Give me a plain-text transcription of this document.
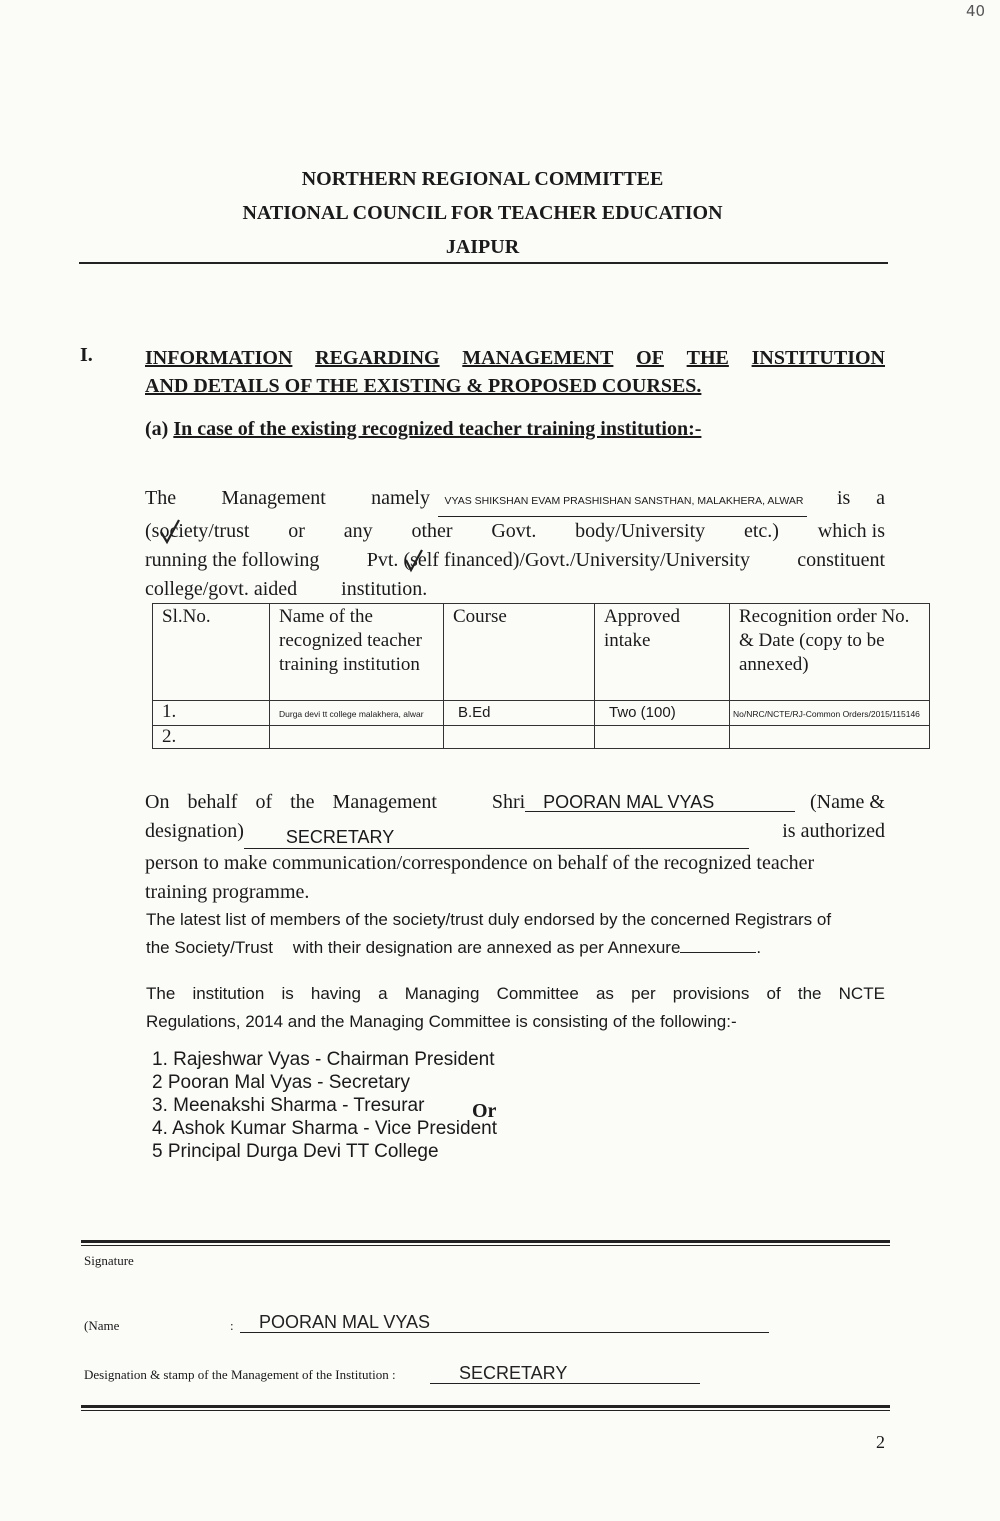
40
NORTHERN REGIONAL COMMITTEE
NATIONAL COUNCIL FOR TEACHER EDUCATION
JAIPUR
I.	INFORMATION REGARDING MANAGEMENT OF THE INSTITUTION
AND DETAILS OF THE EXISTING & PROPOSED COURSES.
(a) In case of the existing recognized teacher training institution:-
The Management namely	VYAS SHIKSHAN EVAM PRASHISHAN SANSTHAN, MALAKHERA, ALWAR is a
(society/trust or any other Govt. body/University etc.) which is
running the following Pvt. (self financed)/Govt./University/University constituent
college/govt. aided institution.
Sl.No.	Name of the recognized teacher training institution	Course	Approved intake	Recognition order No. & Date (copy to be annexed)
1.	Durga devi tt college malakhera, alwar	B.Ed	Two (100)	No/NRC/NCTE/RJ-Common Orders/2015/115146
2.				
On behalf of the Management	Shri POORAN MAL VYAS	(Name &
designation) SECRETARY	is authorized
person to make communication/correspondence on behalf of the recognized teacher
training programme.
The latest list of members of the society/trust duly endorsed by the concerned Registrars of
the Society/Trust with their designation are annexed as per Annexure	.
The institution is having a Managing Committee as per provisions of the NCTE
Regulations, 2014 and the Managing Committee is consisting of the following:-
1. Rajeshwar Vyas - Chairman President
2 Pooran Mal Vyas - Secretary
3. Meenakshi Sharma - Tresurar
4. Ashok Kumar Sharma - Vice President
5 Principal Durga Devi TT College
Or
Signature
(Name	:	POORAN MAL VYAS
Designation & stamp of the Management of the Institution :	SECRETARY
2
